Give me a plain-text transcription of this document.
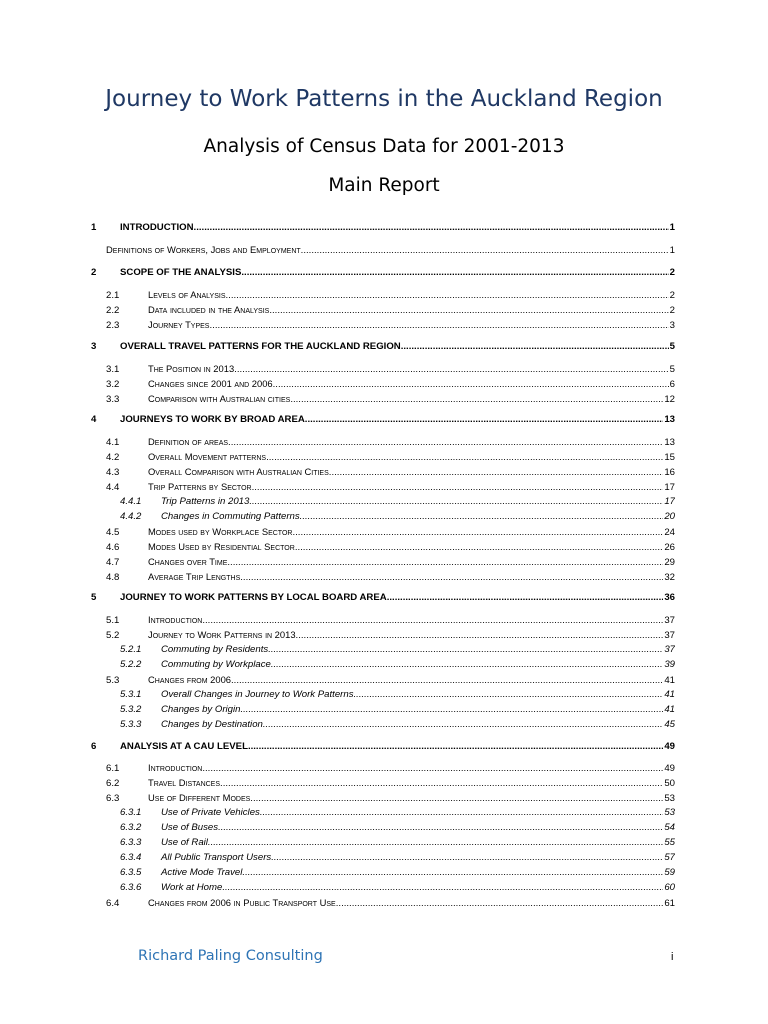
Journey to Work Patterns in the Auckland Region
Analysis of Census Data for 2001-2013
Main Report
1	INTRODUCTION .....	1
Definitions of Workers, Jobs and Employment .....	1
2	SCOPE OF THE ANALYSIS .....	2
2.1	Levels of Analysis .....	2
2.2	Data included in the Analysis .....	2
2.3	Journey Types .....	3
3	OVERALL TRAVEL PATTERNS FOR THE AUCKLAND REGION .....	5
3.1	The Position in 2013 .....	5
3.2	Changes since 2001 and 2006 .....	6
3.3	Comparison with Australian cities .....	12
4	JOURNEYS TO WORK BY BROAD AREA .....	13
4.1	Definition of areas .....	13
4.2	Overall Movement patterns .....	15
4.3	Overall Comparison with Australian Cities .....	16
4.4	Trip Patterns by Sector .....	17
4.4.1	Trip Patterns in 2013 .....	17
4.4.2	Changes in Commuting Patterns .....	20
4.5	Modes used by Workplace Sector .....	24
4.6	Modes Used by Residential Sector .....	26
4.7	Changes over Time .....	29
4.8	Average Trip Lengths .....	32
5	JOURNEY TO WORK PATTERNS BY LOCAL BOARD AREA .....	36
5.1	Introduction .....	37
5.2	Journey to Work Patterns in 2013 .....	37
5.2.1	Commuting by Residents .....	37
5.2.2	Commuting by Workplace .....	39
5.3	Changes from 2006 .....	41
5.3.1	Overall Changes in Journey to Work Patterns .....	41
5.3.2	Changes by Origin .....	41
5.3.3	Changes by Destination .....	45
6	ANALYSIS AT A CAU LEVEL .....	49
6.1	Introduction .....	49
6.2	Travel Distances .....	50
6.3	Use of Different Modes .....	53
6.3.1	Use of Private Vehicles .....	53
6.3.2	Use of Buses .....	54
6.3.3	Use of Rail .....	55
6.3.4	All Public Transport Users .....	57
6.3.5	Active Mode Travel .....	59
6.3.6	Work at Home .....	60
6.4	Changes from 2006 in Public Transport Use .....	61
Richard Paling Consulting	i
